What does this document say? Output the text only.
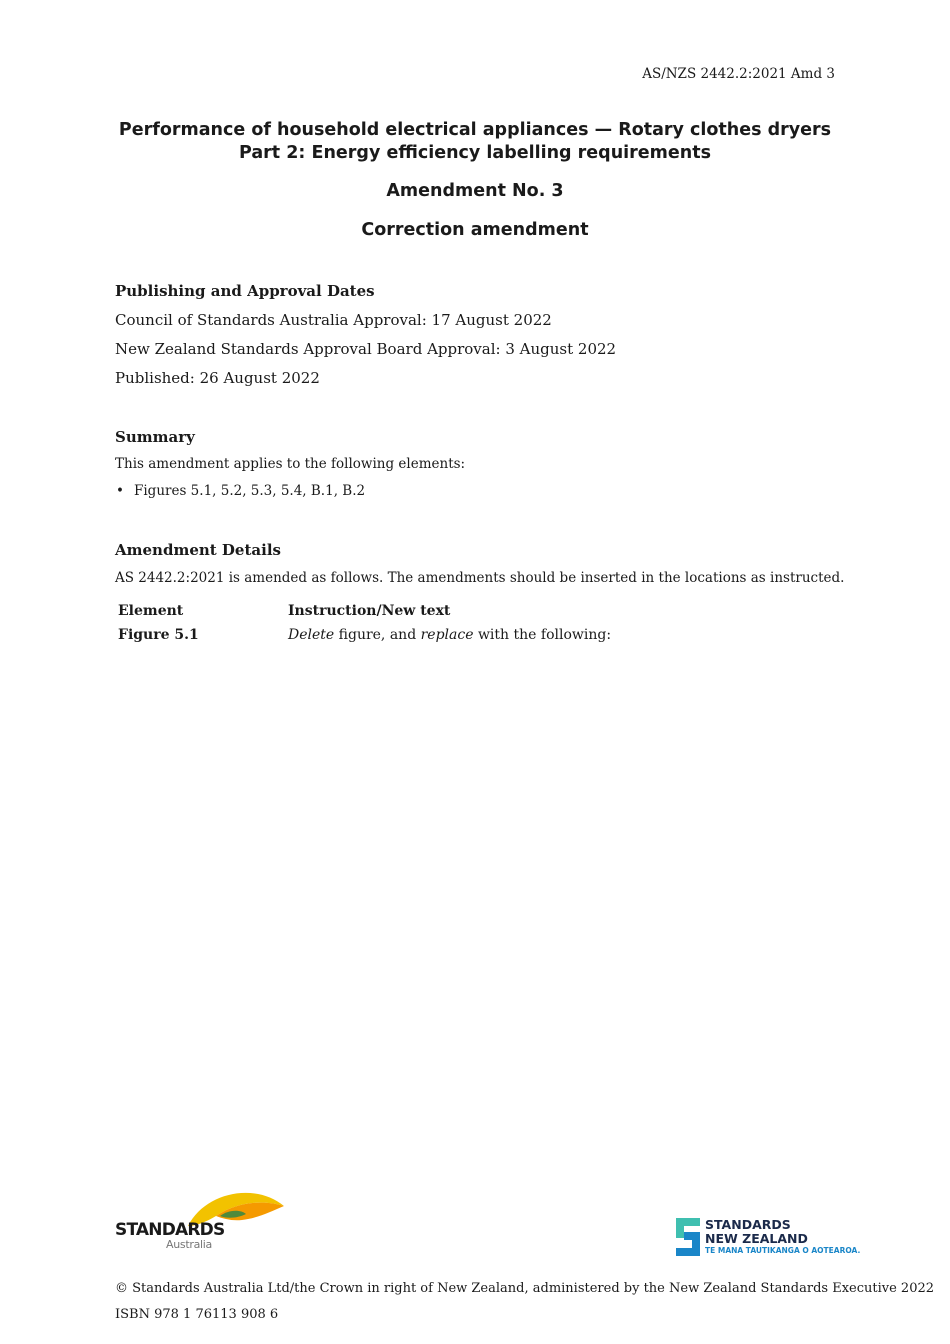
AS/NZS 2442.2:2021 Amd 3
Performance of household electrical appliances — Rotary clothes dryers
Part 2: Energy efficiency labelling requirements
Amendment No. 3
Correction amendment
Publishing and Approval Dates
Council of Standards Australia Approval: 17 August 2022
New Zealand Standards Approval Board Approval: 3 August 2022
Published: 26 August 2022
Summary
This amendment applies to the following elements:
• Figures 5.1, 5.2, 5.3, 5.4, B.1, B.2
Amendment Details
AS 2442.2:2021 is amended as follows. The amendments should be inserted in the locations as instructed.
Element	Instruction/New text
Figure 5.1	Delete figure, and replace with the following:
STANDARDS
Australia
STANDARDS
NEW ZEALAND
TE MANA TAUTIKANGA O AOTEAROA.
© Standards Australia Ltd/the Crown in right of New Zealand, administered by the New Zealand Standards Executive 2022
ISBN 978 1 76113 908 6
